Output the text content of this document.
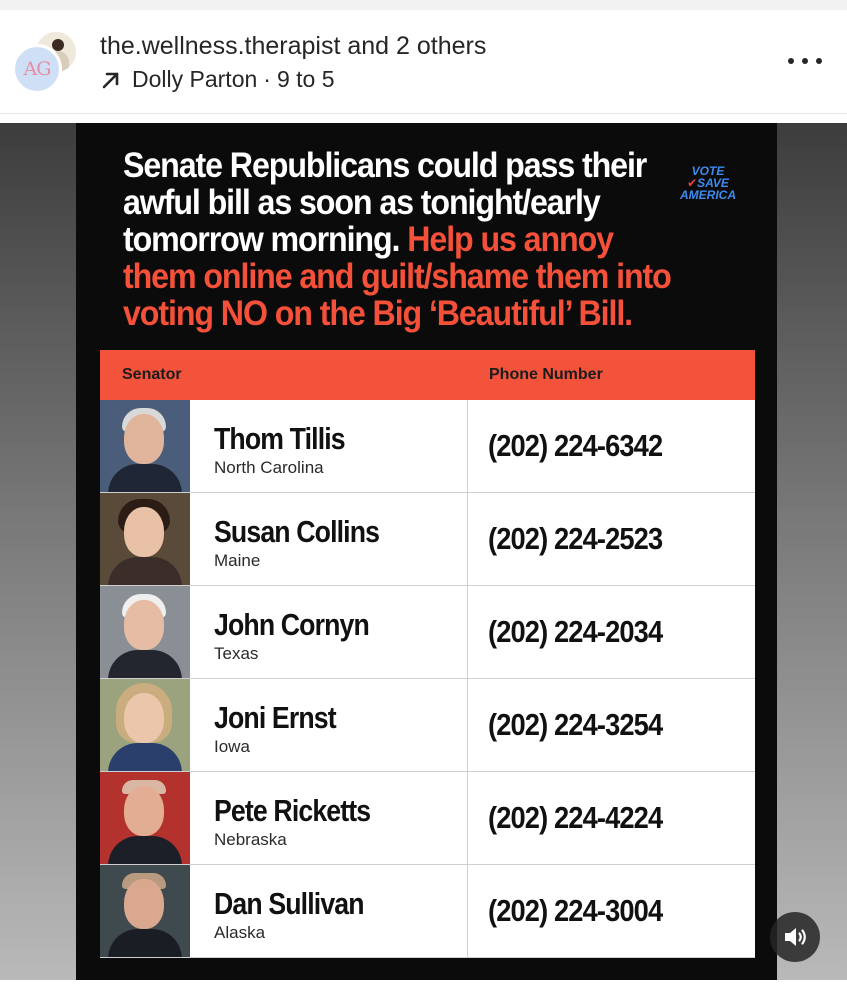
AG
the.wellness.therapist and 2 others
Dolly Parton · 9 to 5
Senate Republicans could pass their awful bill as soon as tonight/early tomorrow morning. Help us annoy them online and guilt/shame them into voting NO on the Big ‘Beautiful’ Bill.
VOTE
✔SAVE
AMERICA
Senator	Phone Number
Thom Tillis
North Carolina
(202) 224-6342
Susan Collins
Maine
(202) 224-2523
John Cornyn
Texas
(202) 224-2034
Joni Ernst
Iowa
(202) 224-3254
Pete Ricketts
Nebraska
(202) 224-4224
Dan Sullivan
Alaska
(202) 224-3004
